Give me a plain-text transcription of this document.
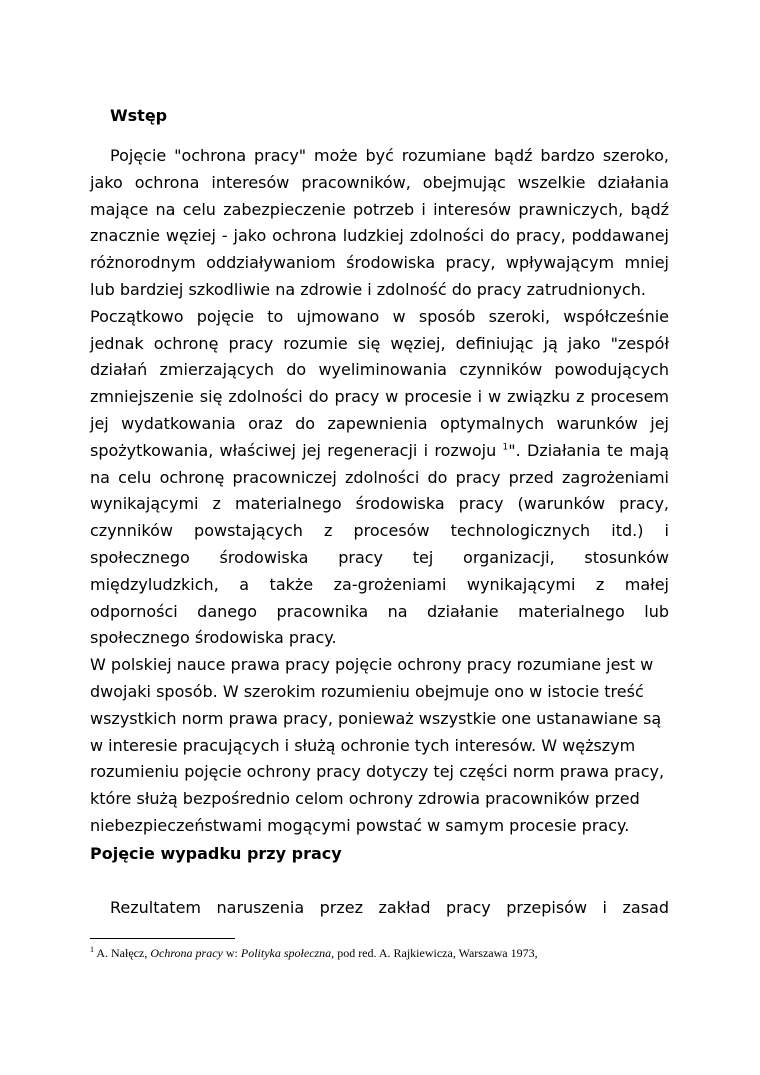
Wstęp

Pojęcie "ochrona pracy" może być rozumiane bądź bardzo szeroko, jako ochrona interesów pracowników, obejmując wszelkie działania mające na celu zabezpieczenie potrzeb i interesów prawniczych, bądź znacznie węziej - jako ochrona ludzkiej zdolności do pracy, poddawanej różnorodnym oddziaływaniom środowiska pracy, wpływającym mniej lub bardziej szkodliwie na zdrowie i zdolność do pracy zatrudnionych.

Początkowo pojęcie to ujmowano w sposób szeroki, współcześnie jednak ochronę pracy rozumie się węziej, definiując ją jako "zespół działań zmierzających do wyeliminowania czynników powodujących zmniejszenie się zdolności do pracy w procesie i w związku z procesem jej wydatkowania oraz do zapewnienia optymalnych warunków jej spożytkowania, właściwej jej regeneracji i rozwoju $^1$". Działania te mają na celu ochronę pracowniczej zdolności do pracy przed zagrożeniami wynikającymi z materialnego środowiska pracy (warunków pracy, czynników powstających z procesów technologicznych itd.) i społecznego środowiska pracy tej organizacji, stosunków międzyludzkich, a także za-grożeniami wynikającymi z małej odporności danego pracownika na działanie materialnego lub społecznego środowiska pracy.

W polskiej nauce prawa pracy pojęcie ochrony pracy rozumiane jest w dwojaki sposób. W szerokim rozumieniu obejmuje ono w istocie treść wszystkich norm prawa pracy, ponieważ wszystkie one ustanawiane są w interesie pracujących i służą ochronie tych interesów. W węższym rozumieniu pojęcie ochrony pracy dotyczy tej części norm prawa pracy, które służą bezpośrednio celom ochrony zdrowia pracowników przed niebezpieczeństwami mogącymi powstać w samym procesie pracy.

Pojęcie wypadku przy pracy
Rezultatem naruszenia przez zakład pracy przepisów i zasad
$^1$ A. Nałęcz, Ochrona pracy w: Polityka społeczna, pod red. A. Rajkiewicza, Warszawa 1973,
